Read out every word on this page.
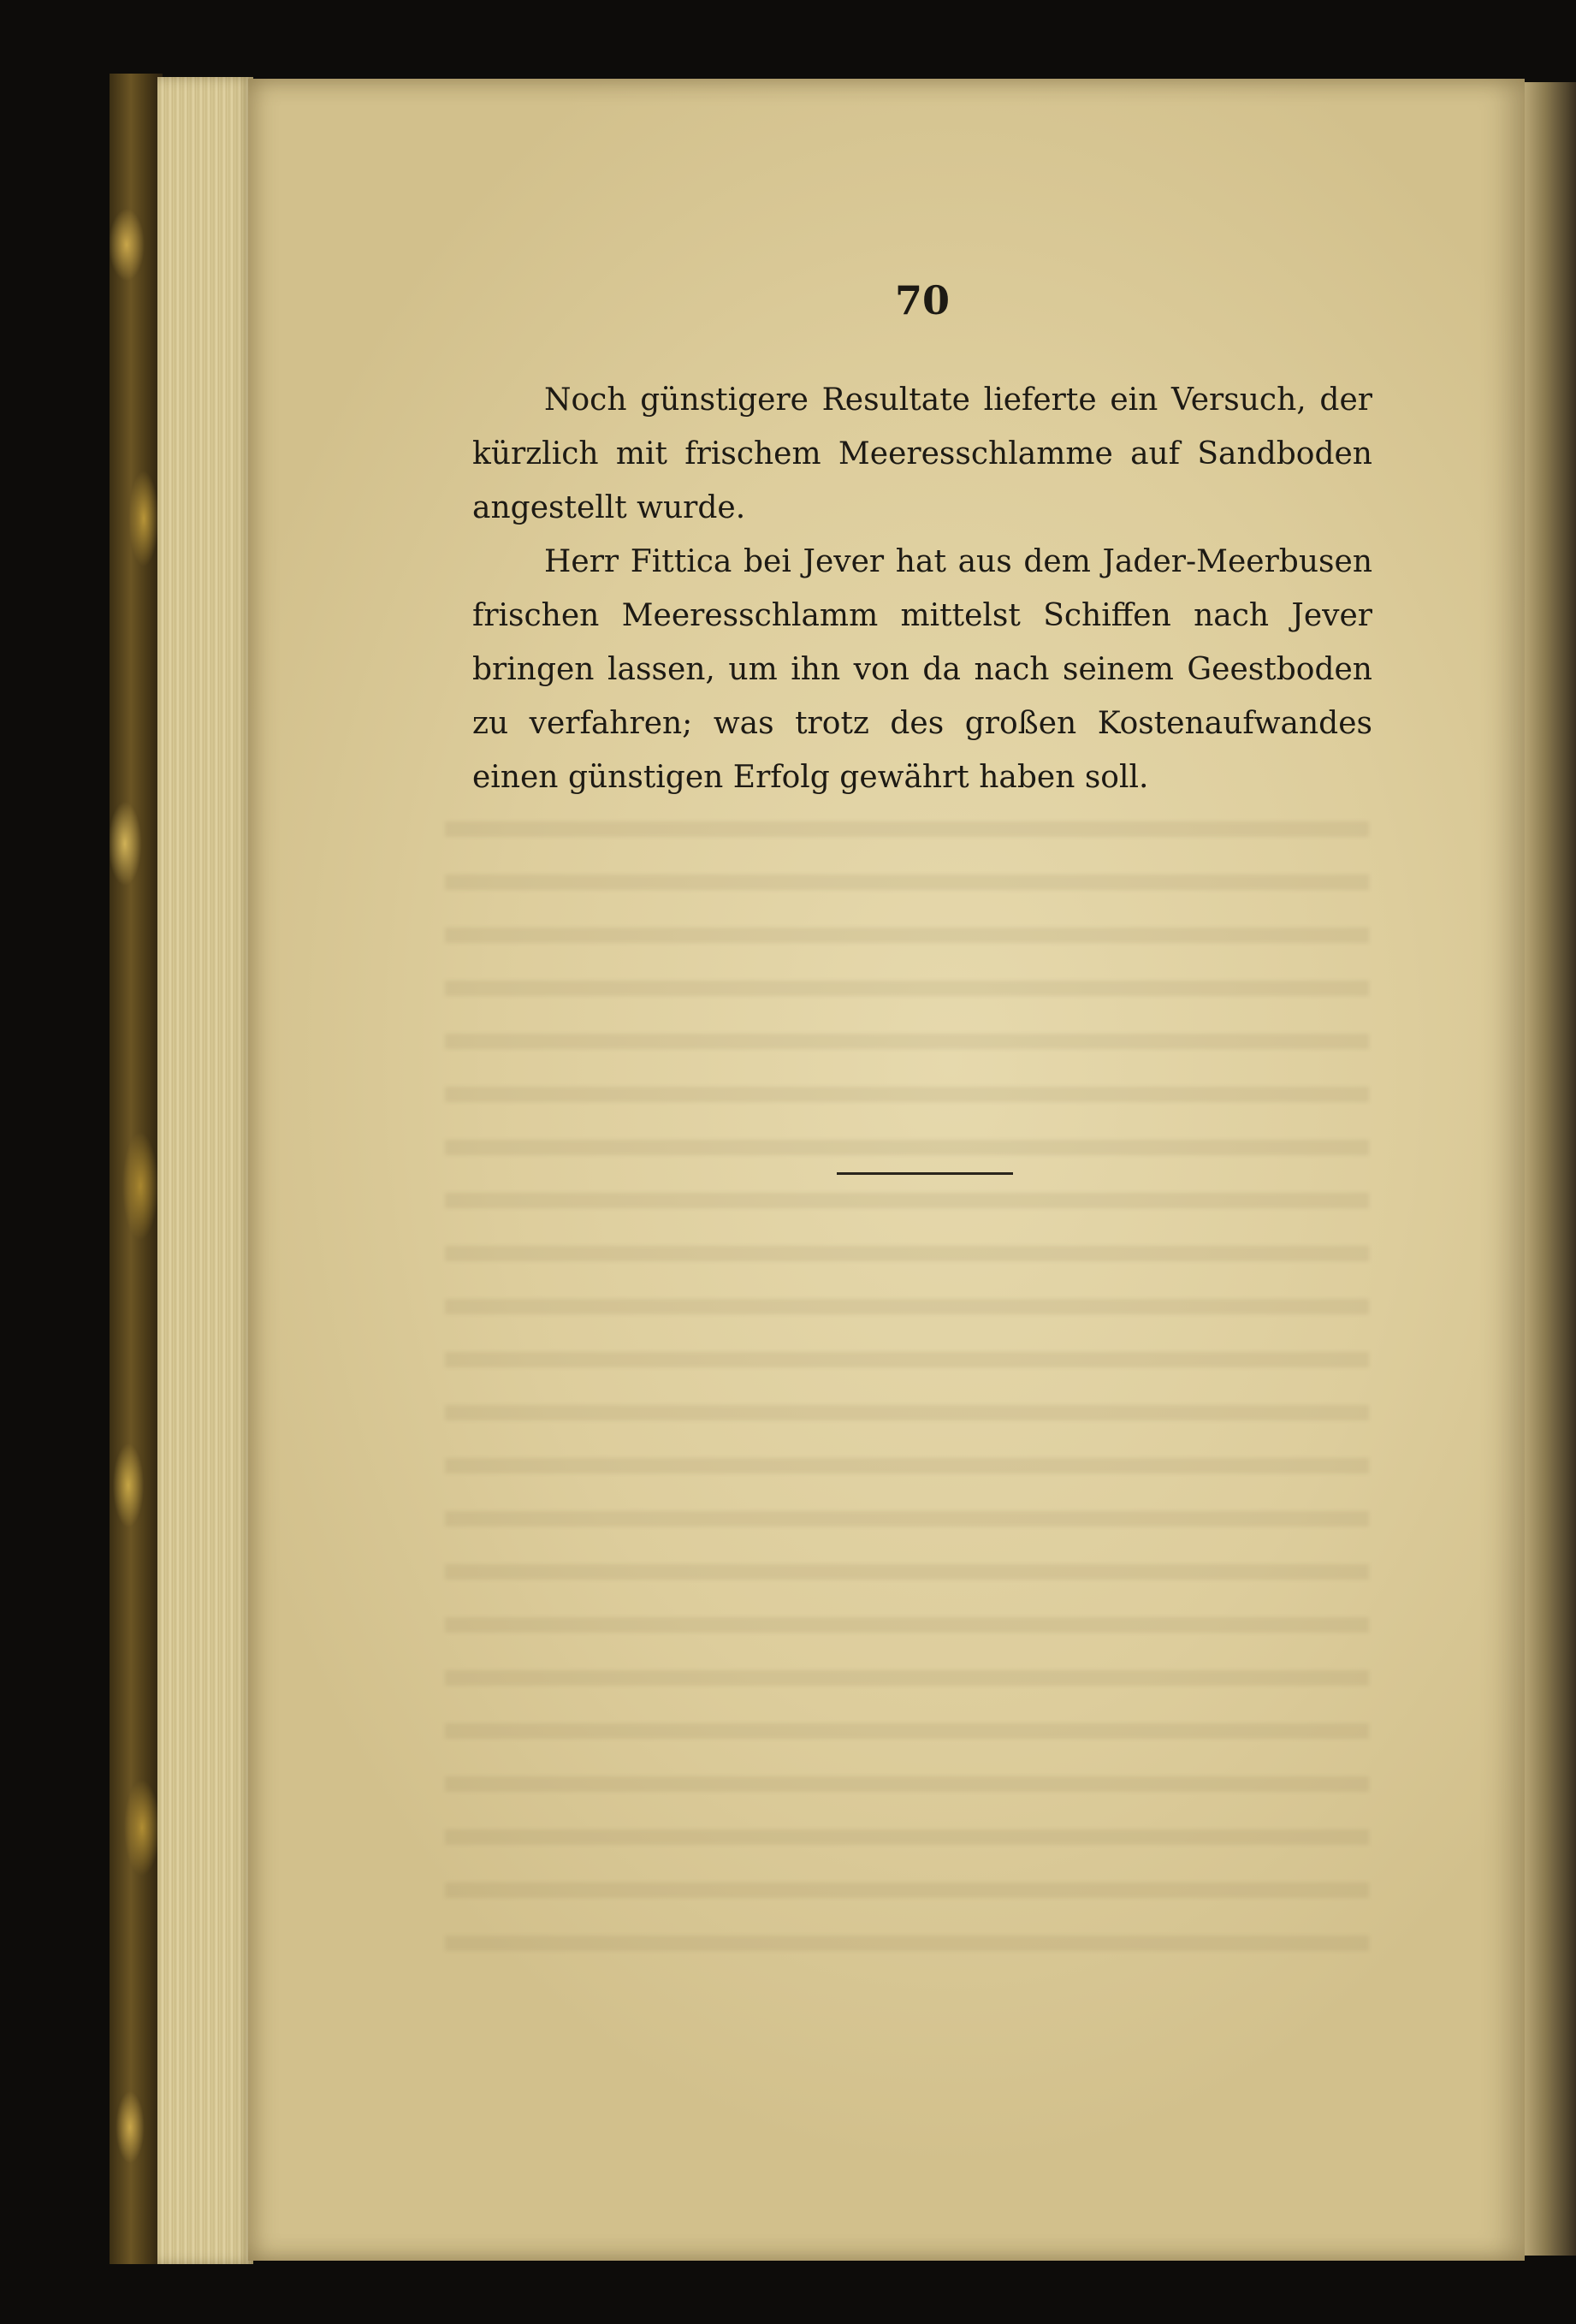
70

Noch günstigere Resultate lieferte ein Versuch, der kürzlich mit frischem Meeresschlamme auf Sandboden angestellt wurde.

Herr Fittica bei Jever hat aus dem Jader-Meerbusen frischen Meeresschlamm mittelst Schiffen nach Jever bringen lassen, um ihn von da nach seinem Geestboden zu verfahren; was trotz des großen Kostenaufwandes einen günstigen Erfolg gewährt haben soll.
